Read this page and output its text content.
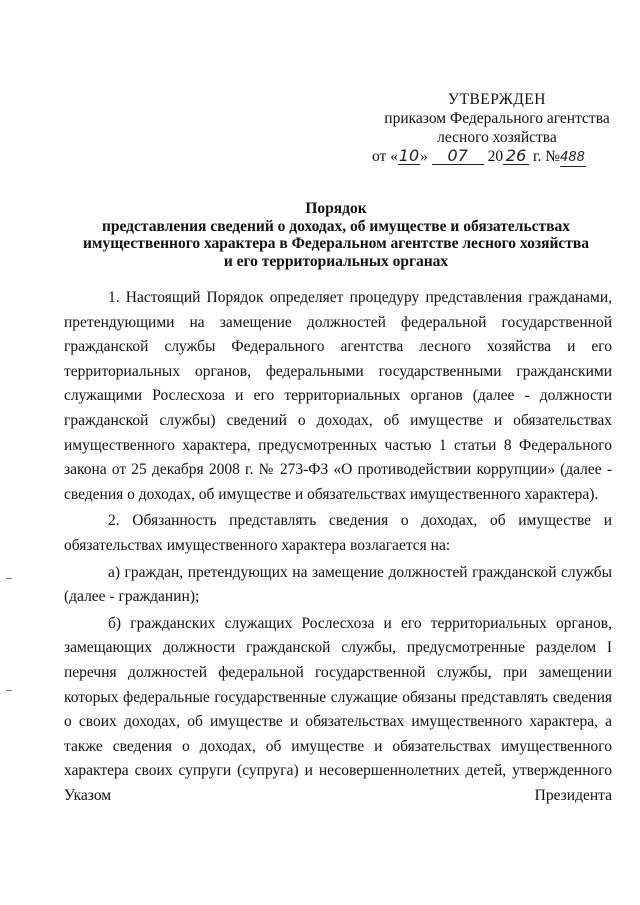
УТВЕРЖДЕН
приказом Федерального агентства
лесного хозяйства
от «10» 07 20 26 г. №488
Порядок
представления сведений о доходах, об имуществе и обязательствах
имущественного характера в Федеральном агентстве лесного хозяйства
и его территориальных органах

1. Настоящий Порядок определяет процедуру представления гражданами, претендующими на замещение должностей федеральной государственной гражданской службы Федерального агентства лесного хозяйства и его территориальных органов, федеральными государственными гражданскими служащими Рослесхоза и его территориальных органов (далее - должности гражданской службы) сведений о доходах, об имуществе и обязательствах имущественного характера, предусмотренных частью 1 статьи 8 Федерального закона от 25 декабря 2008 г. № 273-ФЗ «О противодействии коррупции» (далее - сведения о доходах, об имуществе и обязательствах имущественного характера).

2. Обязанность представлять сведения о доходах, об имуществе и обязательствах имущественного характера возлагается на:

а) граждан, претендующих на замещение должностей гражданской службы (далее - гражданин);

б) гражданских служащих Рослесхоза и его территориальных органов, замещающих должности гражданской службы, предусмотренные разделом I перечня должностей федеральной государственной службы, при замещении которых федеральные государственные служащие обязаны представлять сведения о своих доходах, об имуществе и обязательствах имущественного характера, а также сведения о доходах, об имуществе и обязательствах имущественного характера своих супруги (супруга) и несовершеннолетних детей, утвержденного Указом Президента
